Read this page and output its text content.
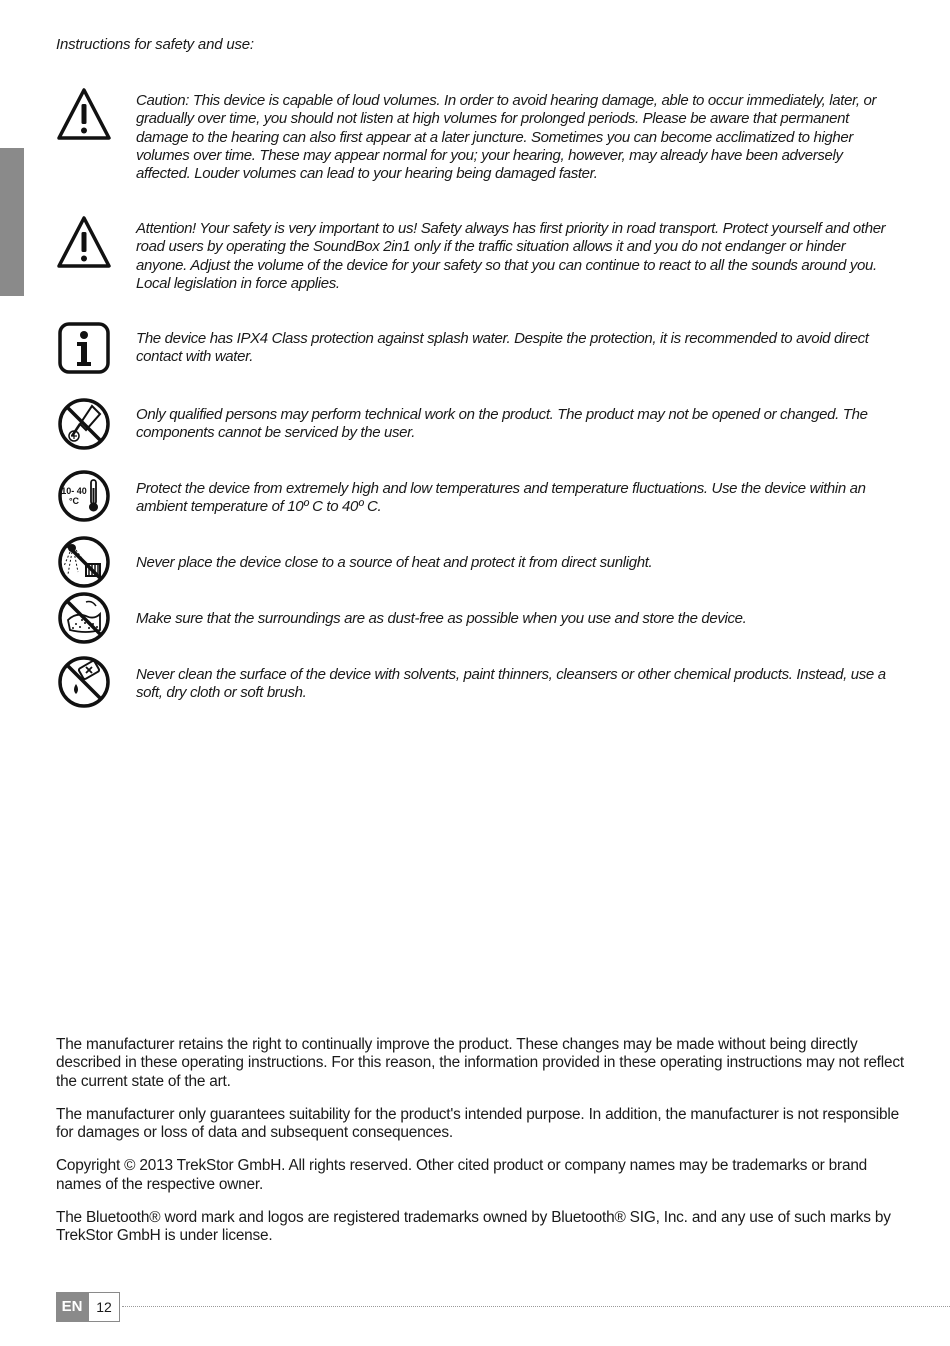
Instructions for safety and use:
Caution: This device is capable of loud volumes. In order to avoid hearing damage, able to occur immediately, later, or gradually over time, you should not listen at high volumes for prolonged periods. Please be aware that permanent damage to the hearing can also first appear at a later juncture. Sometimes you can become acclimatized to higher volumes over time. These may appear normal for you; your hearing, however, may already have been adversely affected. Louder volumes can lead to your hearing being damaged faster.
Attention! Your safety is very important to us! Safety always has first priority in road transport. Protect yourself and other road users by operating the SoundBox 2in1 only if the traffic situation allows it and you do not endanger or hinder anyone. Adjust the volume of the device for your safety so that you can continue to react to all the sounds around you. Local legislation in force applies.
The device has IPX4 Class protection against splash water. Despite the protection, it is recommended to avoid direct contact with water.
Only qualified persons may perform technical work on the product. The product may not be opened or changed. The components cannot be serviced by the user.
10- 40
°C
Protect the device from extremely high and low temperatures and temperature fluctuations. Use the device within an ambient temperature of 10º C to 40º C.
Never place the device close to a source of heat and protect it from direct sunlight.
Make sure that the surroundings are as dust-free as possible when you use and store the device.
Never clean the surface of the device with solvents, paint thinners, cleansers or other chemical products. Instead, use a soft, dry cloth or soft brush.

The manufacturer retains the right to continually improve the product. These changes may be made without being directly described in these operating instructions. For this reason, the information provided in these operating instructions may not reflect the current state of the art.

The manufacturer only guarantees suitability for the product's intended purpose. In addition, the manufacturer is not responsible for damages or loss of data and subsequent consequences.

Copyright © 2013 TrekStor GmbH. All rights reserved. Other cited product or company names may be trademarks or brand names of the respective owner.

The Bluetooth® word mark and logos are registered trademarks owned by Bluetooth® SIG, Inc. and any use of such marks by TrekStor GmbH is under license.

EN 12
